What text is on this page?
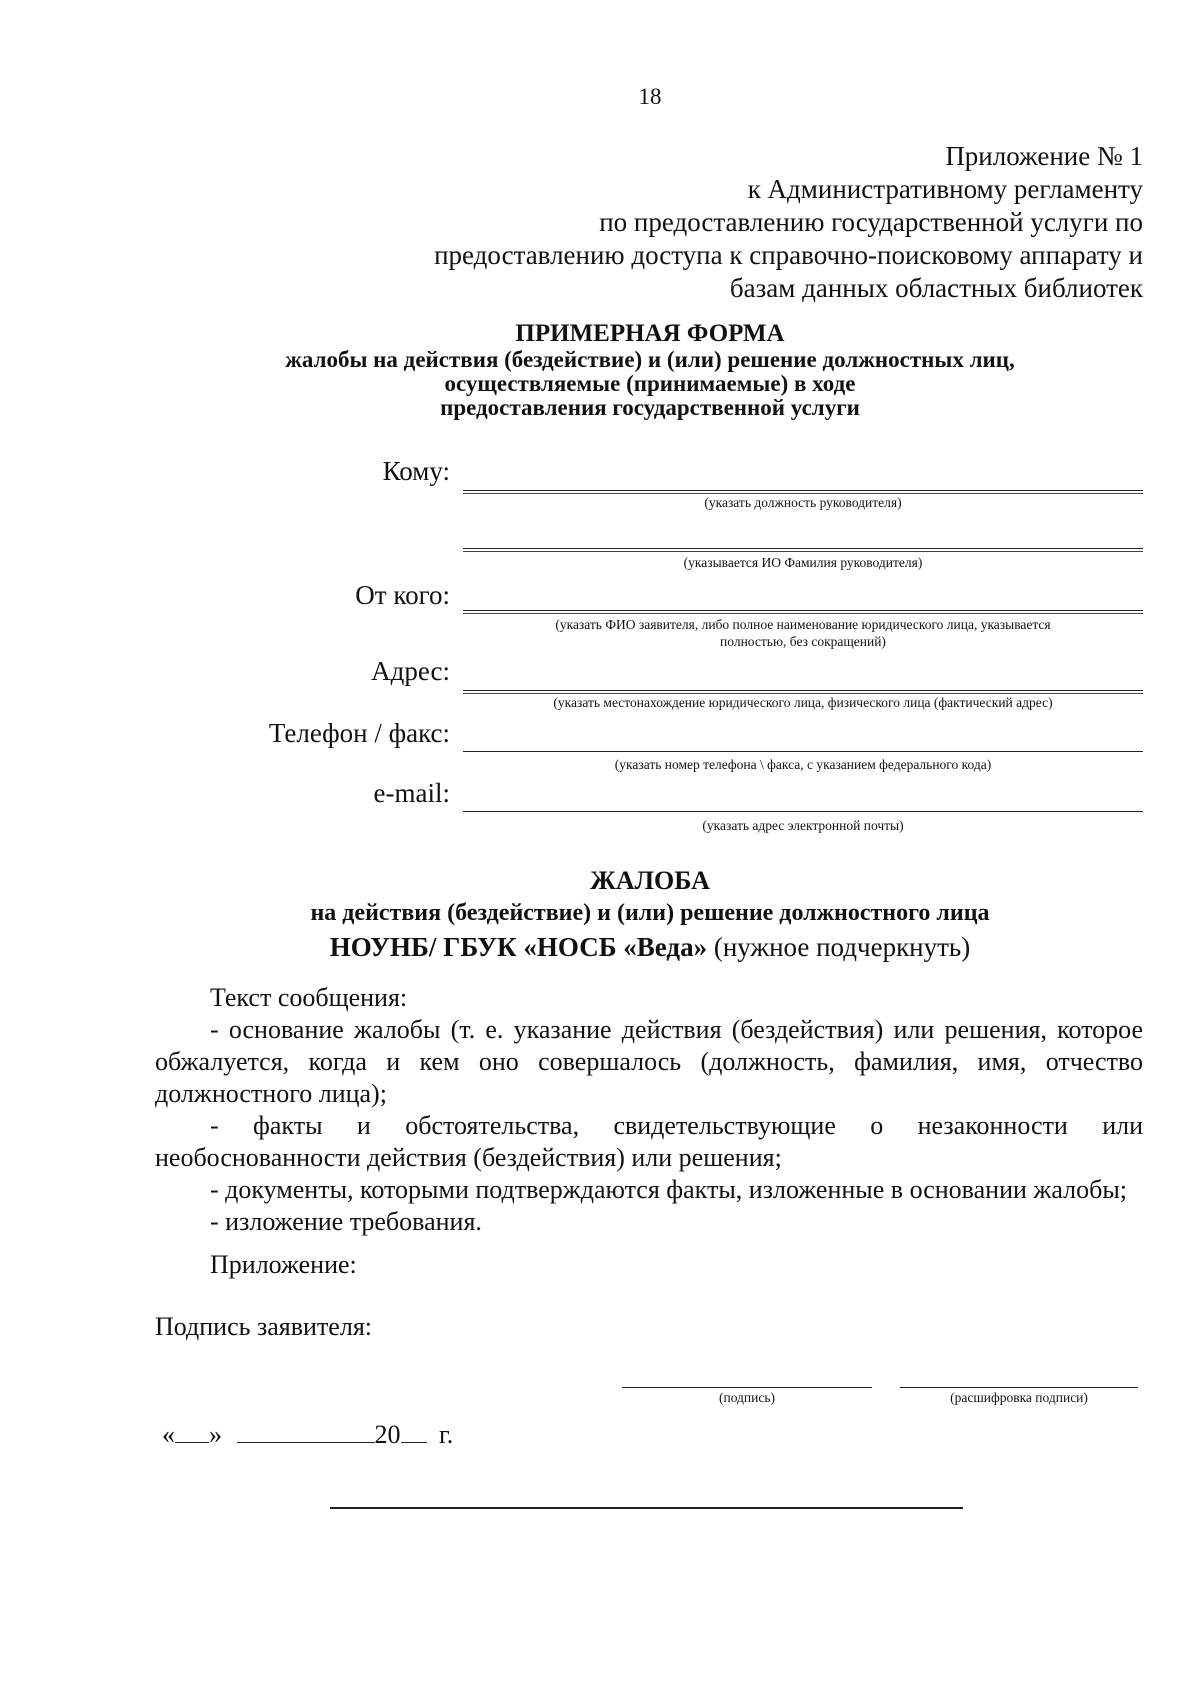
18
Приложение № 1
к Административному регламенту
по предоставлению государственной услуги по
предоставлению доступа к справочно-поисковому аппарату и
базам данных областных библиотек
ПРИМЕРНАЯ ФОРМА
жалобы на действия (бездействие) и (или) решение должностных лиц,
осуществляемые (принимаемые) в ходе
предоставления государственной услуги
Кому:
(указать должность руководителя)
(указывается ИО Фамилия руководителя)
От кого:
(указать ФИО заявителя, либо полное наименование юридического лица, указывается
полностью, без сокращений)
Адрес:
(указать местонахождение юридического лица, физического лица (фактический адрес)
Телефон / факс:
(указать номер телефона \ факса, с указанием федерального кода)
e-mail:
(указать адрес электронной почты)
ЖАЛОБА
на действия (бездействие) и (или) решение должностного лица
НОУНБ/ ГБУК «НОСБ «Веда» (нужное подчеркнуть)
Текст сообщения:
- основание жалобы (т. е. указание действия (бездействия) или решения, которое обжалуется, когда и кем оно совершалось (должность, фамилия, имя, отчество должностного лица);
- факты и обстоятельства, свидетельствующие о незаконности или необоснованности действия (бездействия) или решения;
- документы, которыми подтверждаются факты, изложенные в основании жалобы;
- изложение требования.
Приложение:
Подпись заявителя:
(подпись)	(расшифровка подписи)
« »	20 г.
